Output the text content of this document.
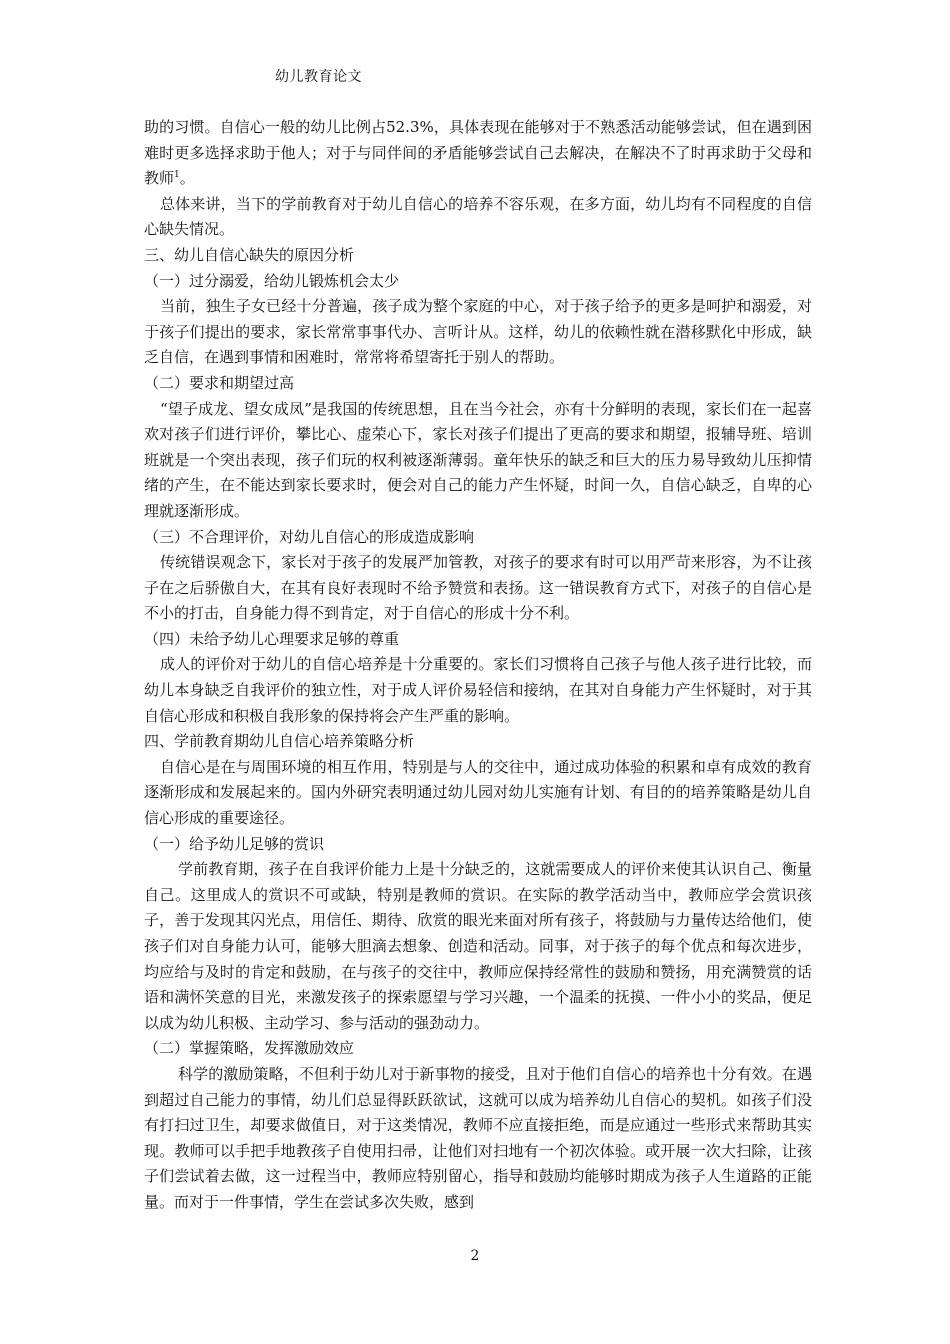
幼儿教育论文

助的习惯。自信心一般的幼儿比例占52.3%，具体表现在能够对于不熟悉活动能够尝试，但在遇到困难时更多选择求助于他人；对于与同伴间的矛盾能够尝试自己去解决，在解决不了时再求助于父母和教师$^1$。

总体来讲，当下的学前教育对于幼儿自信心的培养不容乐观，在多方面，幼儿均有不同程度的自信心缺失情况。

三、幼儿自信心缺失的原因分析

（一）过分溺爱，给幼儿锻炼机会太少

当前，独生子女已经十分普遍，孩子成为整个家庭的中心，对于孩子给予的更多是呵护和溺爱，对于孩子们提出的要求，家长常常事事代办、言听计从。这样，幼儿的依赖性就在潜移默化中形成，缺乏自信，在遇到事情和困难时，常常将希望寄托于别人的帮助。

（二）要求和期望过高

“望子成龙、望女成凤”是我国的传统思想，且在当今社会，亦有十分鲜明的表现，家长们在一起喜欢对孩子们进行评价，攀比心、虚荣心下，家长对孩子们提出了更高的要求和期望，报辅导班、培训班就是一个突出表现，孩子们玩的权利被逐渐薄弱。童年快乐的缺乏和巨大的压力易导致幼儿压抑情绪的产生，在不能达到家长要求时，便会对自己的能力产生怀疑，时间一久，自信心缺乏，自卑的心理就逐渐形成。

（三）不合理评价，对幼儿自信心的形成造成影响

传统错误观念下，家长对于孩子的发展严加管教，对孩子的要求有时可以用严苛来形容，为不让孩子在之后骄傲自大，在其有良好表现时不给予赞赏和表扬。这一错误教育方式下，对孩子的自信心是不小的打击，自身能力得不到肯定，对于自信心的形成十分不利。

（四）未给予幼儿心理要求足够的尊重

成人的评价对于幼儿的自信心培养是十分重要的。家长们习惯将自己孩子与他人孩子进行比较，而幼儿本身缺乏自我评价的独立性，对于成人评价易轻信和接纳，在其对自身能力产生怀疑时，对于其自信心形成和积极自我形象的保持将会产生严重的影响。

四、学前教育期幼儿自信心培养策略分析

自信心是在与周围环境的相互作用，特别是与人的交往中，通过成功体验的积累和卓有成效的教育逐渐形成和发展起来的。国内外研究表明通过幼儿园对幼儿实施有计划、有目的的培养策略是幼儿自信心形成的重要途径。

（一）给予幼儿足够的赏识

学前教育期，孩子在自我评价能力上是十分缺乏的，这就需要成人的评价来使其认识自己、衡量自己。这里成人的赏识不可或缺，特别是教师的赏识。在实际的教学活动当中，教师应学会赏识孩子，善于发现其闪光点，用信任、期待、欣赏的眼光来面对所有孩子，将鼓励与力量传达给他们，使孩子们对自身能力认可，能够大胆滴去想象、创造和活动。同事，对于孩子的每个优点和每次进步，均应给与及时的肯定和鼓励，在与孩子的交往中，教师应保持经常性的鼓励和赞扬，用充满赞赏的话语和满怀笑意的目光，来激发孩子的探索愿望与学习兴趣，一个温柔的抚摸、一件小小的奖品，便足以成为幼儿积极、主动学习、参与活动的强劲动力。

（二）掌握策略，发挥激励效应

科学的激励策略，不但利于幼儿对于新事物的接受，且对于他们自信心的培养也十分有效。在遇到超过自己能力的事情，幼儿们总显得跃跃欲试，这就可以成为培养幼儿自信心的契机。如孩子们没有打扫过卫生，却要求做值日，对于这类情况，教师不应直接拒绝，而是应通过一些形式来帮助其实现。教师可以手把手地教孩子自使用扫帚，让他们对扫地有一个初次体验。或开展一次大扫除，让孩子们尝试着去做，这一过程当中，教师应特别留心，指导和鼓励均能够时期成为孩子人生道路的正能量。而对于一件事情，学生在尝试多次失败，感到

2
